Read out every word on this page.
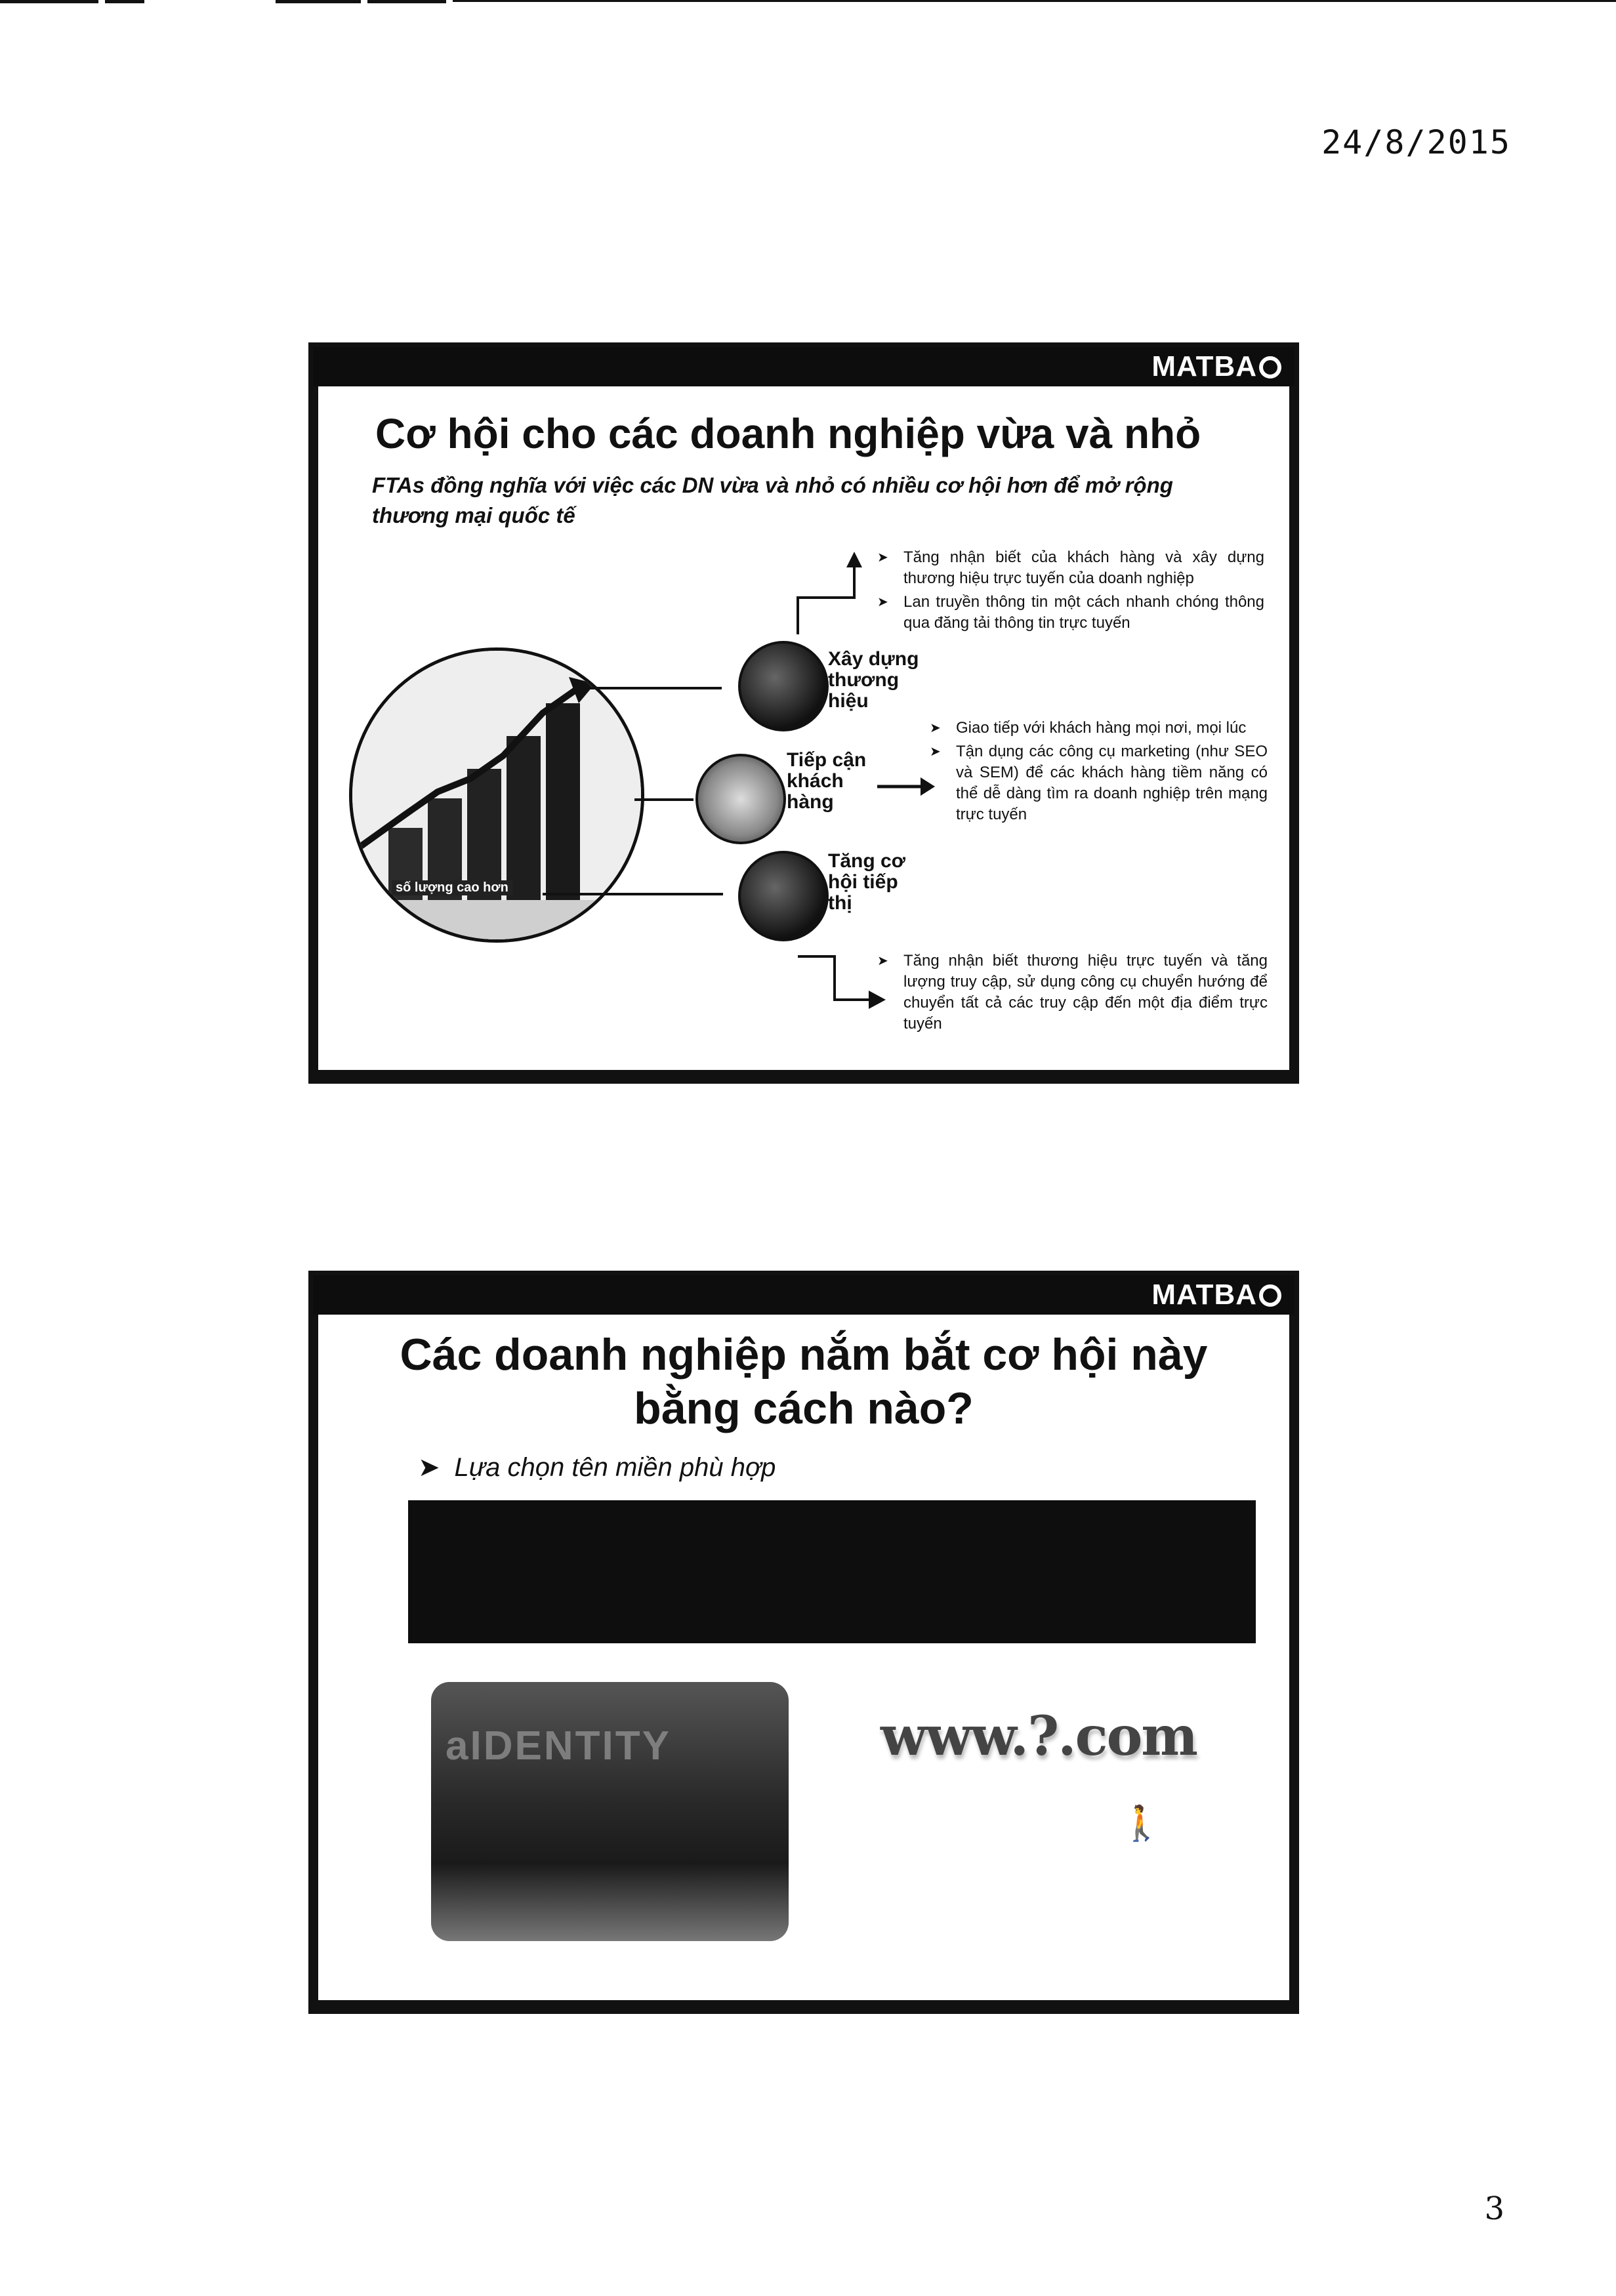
24/8/2015
MATBA
Cơ hội cho các doanh nghiệp vừa và nhỏ
FTAs đồng nghĩa với việc các DN vừa và nhỏ có nhiều cơ hội hơn để mở rộng thương mại quốc tế
số lượng cao hơn
Xây dựng thương hiệu
Tiếp cận khách hàng
Tăng cơ hội tiếp thị
➤ Tăng nhận biết của khách hàng và xây dựng thương hiệu trực tuyến của doanh nghiệp
➤ Lan truyền thông tin một cách nhanh chóng thông qua đăng tải thông tin trực tuyến
➤ Giao tiếp với khách hàng mọi nơi, mọi lúc
➤ Tận dụng các công cụ marketing (như SEO và SEM) để các khách hàng tiềm năng có thể dễ dàng tìm ra doanh nghiệp trên mạng trực tuyến
➤ Tăng nhận biết thương hiệu trực tuyến và tăng lượng truy cập, sử dụng công cụ chuyển hướng để chuyển tất cả các truy cập đến một địa điểm trực tuyến
MATBA
Các doanh nghiệp nắm bắt cơ hội này
bằng cách nào?
➤ Lựa chọn tên miền phù hợp
aIDENTITY	www.?.com
🚶
3
